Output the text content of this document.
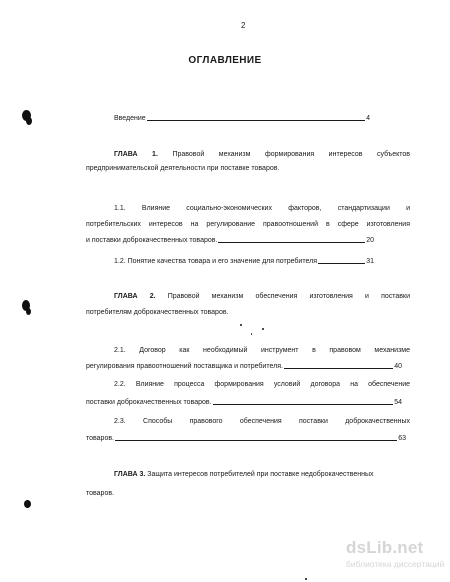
2
ОГЛАВЛЕНИЕ
Введение	4
ГЛАВА 1. Правовой механизм формирования интересов субъектов
предпринимательской деятельности при поставке товаров.
1.1. Влияние социально-экономических факторов, стандартизации и
потребительских интересов на регулирование правоотношений в сфере изготовления
и поставки доброкачественных товаров.	20
1.2. Понятие качества товара и его значение для потребителя	31
ГЛАВА 2. Правовой механизм обеспечения изготовления и поставки
потребителям доброкачественных товаров.
2.1. Договор как необходимый инструмент в правовом механизме
регулирования правоотношений поставщика и потребителя.	40
2.2. Влияние процесса формирования условий договора на обеспечение
поставки доброкачественных товаров.	54
2.3. Способы правового обеспечения поставки доброкачественных
товаров.	63
ГЛАВА 3. Защита интересов потребителей при поставке недоброкачественных
товаров.
dsLib.net
библиотека диссертаций
